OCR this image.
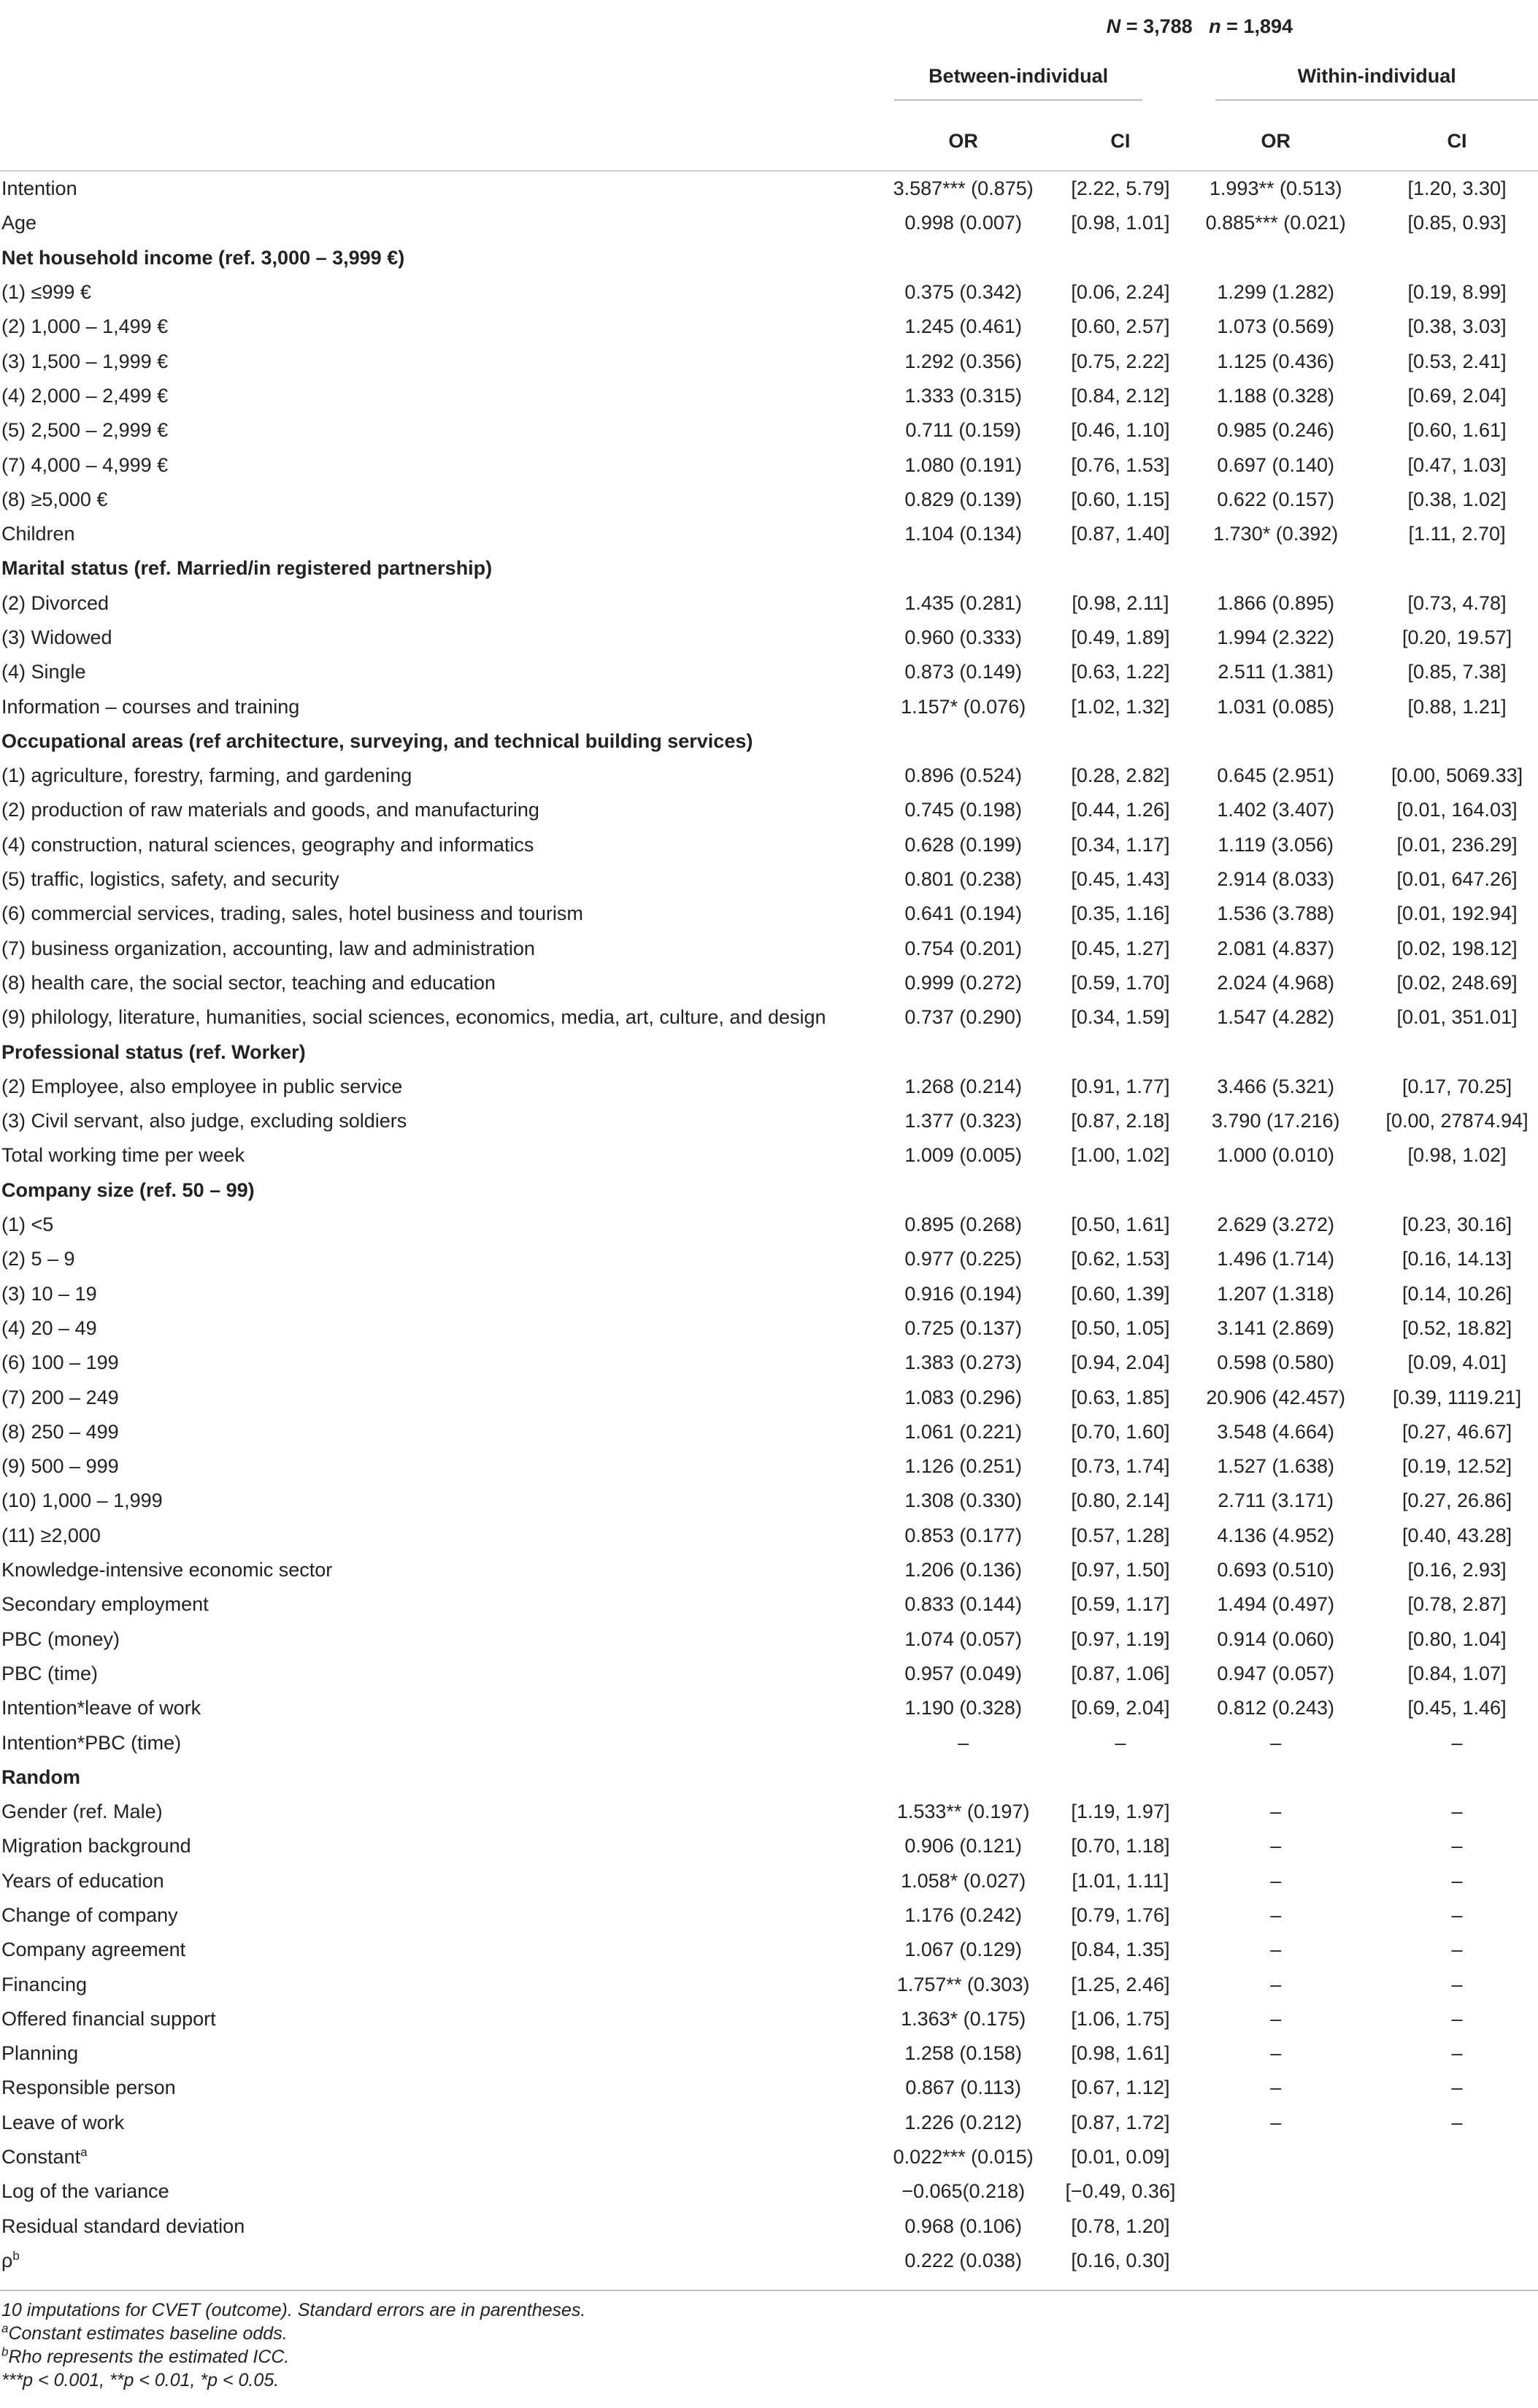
	N = 3,788 n = 1,894			

	Between-individual		Within-individual	

	OR	CI	OR	CI
Intention	3.587*** (0.875)	[2.22, 5.79]	1.993** (0.513)	[1.20, 3.30]
Age	0.998 (0.007)	[0.98, 1.01]	0.885*** (0.021)	[0.85, 0.93]
Net household income (ref. 3,000 – 3,999 €)				
(1) ≤999 €	0.375 (0.342)	[0.06, 2.24]	1.299 (1.282)	[0.19, 8.99]
(2) 1,000 – 1,499 €	1.245 (0.461)	[0.60, 2.57]	1.073 (0.569)	[0.38, 3.03]
(3) 1,500 – 1,999 €	1.292 (0.356)	[0.75, 2.22]	1.125 (0.436)	[0.53, 2.41]
(4) 2,000 – 2,499 €	1.333 (0.315)	[0.84, 2.12]	1.188 (0.328)	[0.69, 2.04]
(5) 2,500 – 2,999 €	0.711 (0.159)	[0.46, 1.10]	0.985 (0.246)	[0.60, 1.61]
(7) 4,000 – 4,999 €	1.080 (0.191)	[0.76, 1.53]	0.697 (0.140)	[0.47, 1.03]
(8) ≥5,000 €	0.829 (0.139)	[0.60, 1.15]	0.622 (0.157)	[0.38, 1.02]
Children	1.104 (0.134)	[0.87, 1.40]	1.730* (0.392)	[1.11, 2.70]
Marital status (ref. Married/in registered partnership)				
(2) Divorced	1.435 (0.281)	[0.98, 2.11]	1.866 (0.895)	[0.73, 4.78]
(3) Widowed	0.960 (0.333)	[0.49, 1.89]	1.994 (2.322)	[0.20, 19.57]
(4) Single	0.873 (0.149)	[0.63, 1.22]	2.511 (1.381)	[0.85, 7.38]
Information – courses and training	1.157* (0.076)	[1.02, 1.32]	1.031 (0.085)	[0.88, 1.21]
Occupational areas (ref architecture, surveying, and technical building services)				
(1) agriculture, forestry, farming, and gardening	0.896 (0.524)	[0.28, 2.82]	0.645 (2.951)	[0.00, 5069.33]
(2) production of raw materials and goods, and manufacturing	0.745 (0.198)	[0.44, 1.26]	1.402 (3.407)	[0.01, 164.03]
(4) construction, natural sciences, geography and informatics	0.628 (0.199)	[0.34, 1.17]	1.119 (3.056)	[0.01, 236.29]
(5) traffic, logistics, safety, and security	0.801 (0.238)	[0.45, 1.43]	2.914 (8.033)	[0.01, 647.26]
(6) commercial services, trading, sales, hotel business and tourism	0.641 (0.194)	[0.35, 1.16]	1.536 (3.788)	[0.01, 192.94]
(7) business organization, accounting, law and administration	0.754 (0.201)	[0.45, 1.27]	2.081 (4.837)	[0.02, 198.12]
(8) health care, the social sector, teaching and education	0.999 (0.272)	[0.59, 1.70]	2.024 (4.968)	[0.02, 248.69]
(9) philology, literature, humanities, social sciences, economics, media, art, culture, and design	0.737 (0.290)	[0.34, 1.59]	1.547 (4.282)	[0.01, 351.01]
Professional status (ref. Worker)				
(2) Employee, also employee in public service	1.268 (0.214)	[0.91, 1.77]	3.466 (5.321)	[0.17, 70.25]
(3) Civil servant, also judge, excluding soldiers	1.377 (0.323)	[0.87, 2.18]	3.790 (17.216)	[0.00, 27874.94]
Total working time per week	1.009 (0.005)	[1.00, 1.02]	1.000 (0.010)	[0.98, 1.02]
Company size (ref. 50 – 99)				
(1) <5	0.895 (0.268)	[0.50, 1.61]	2.629 (3.272)	[0.23, 30.16]
(2) 5 – 9	0.977 (0.225)	[0.62, 1.53]	1.496 (1.714)	[0.16, 14.13]
(3) 10 – 19	0.916 (0.194)	[0.60, 1.39]	1.207 (1.318)	[0.14, 10.26]
(4) 20 – 49	0.725 (0.137)	[0.50, 1.05]	3.141 (2.869)	[0.52, 18.82]
(6) 100 – 199	1.383 (0.273)	[0.94, 2.04]	0.598 (0.580)	[0.09, 4.01]
(7) 200 – 249	1.083 (0.296)	[0.63, 1.85]	20.906 (42.457)	[0.39, 1119.21]
(8) 250 – 499	1.061 (0.221)	[0.70, 1.60]	3.548 (4.664)	[0.27, 46.67]
(9) 500 – 999	1.126 (0.251)	[0.73, 1.74]	1.527 (1.638)	[0.19, 12.52]
(10) 1,000 – 1,999	1.308 (0.330)	[0.80, 2.14]	2.711 (3.171)	[0.27, 26.86]
(11) ≥2,000	0.853 (0.177)	[0.57, 1.28]	4.136 (4.952)	[0.40, 43.28]
Knowledge-intensive economic sector	1.206 (0.136)	[0.97, 1.50]	0.693 (0.510)	[0.16, 2.93]
Secondary employment	0.833 (0.144)	[0.59, 1.17]	1.494 (0.497)	[0.78, 2.87]
PBC (money)	1.074 (0.057)	[0.97, 1.19]	0.914 (0.060)	[0.80, 1.04]
PBC (time)	0.957 (0.049)	[0.87, 1.06]	0.947 (0.057)	[0.84, 1.07]
Intention*leave of work	1.190 (0.328)	[0.69, 2.04]	0.812 (0.243)	[0.45, 1.46]
Intention*PBC (time)	–	–	–	–
Random				
Gender (ref. Male)	1.533** (0.197)	[1.19, 1.97]	–	–
Migration background	0.906 (0.121)	[0.70, 1.18]	–	–
Years of education	1.058* (0.027)	[1.01, 1.11]	–	–
Change of company	1.176 (0.242)	[0.79, 1.76]	–	–
Company agreement	1.067 (0.129)	[0.84, 1.35]	–	–
Financing	1.757** (0.303)	[1.25, 2.46]	–	–
Offered financial support	1.363* (0.175)	[1.06, 1.75]	–	–
Planning	1.258 (0.158)	[0.98, 1.61]	–	–
Responsible person	0.867 (0.113)	[0.67, 1.12]	–	–
Leave of work	1.226 (0.212)	[0.87, 1.72]	–	–
Constant$^a$	0.022*** (0.015)	[0.01, 0.09]		
Log of the variance	−0.065(0.218)	[−0.49, 0.36]		
Residual standard deviation	0.968 (0.106)	[0.78, 1.20]		
$\rho^b$	0.222 (0.038)	[0.16, 0.30]		
10 imputations for CVET (outcome). Standard errors are in parentheses.
$^a$Constant estimates baseline odds.
$^b$Rho represents the estimated ICC.
***p < 0.001, **p < 0.01, *p < 0.05.
